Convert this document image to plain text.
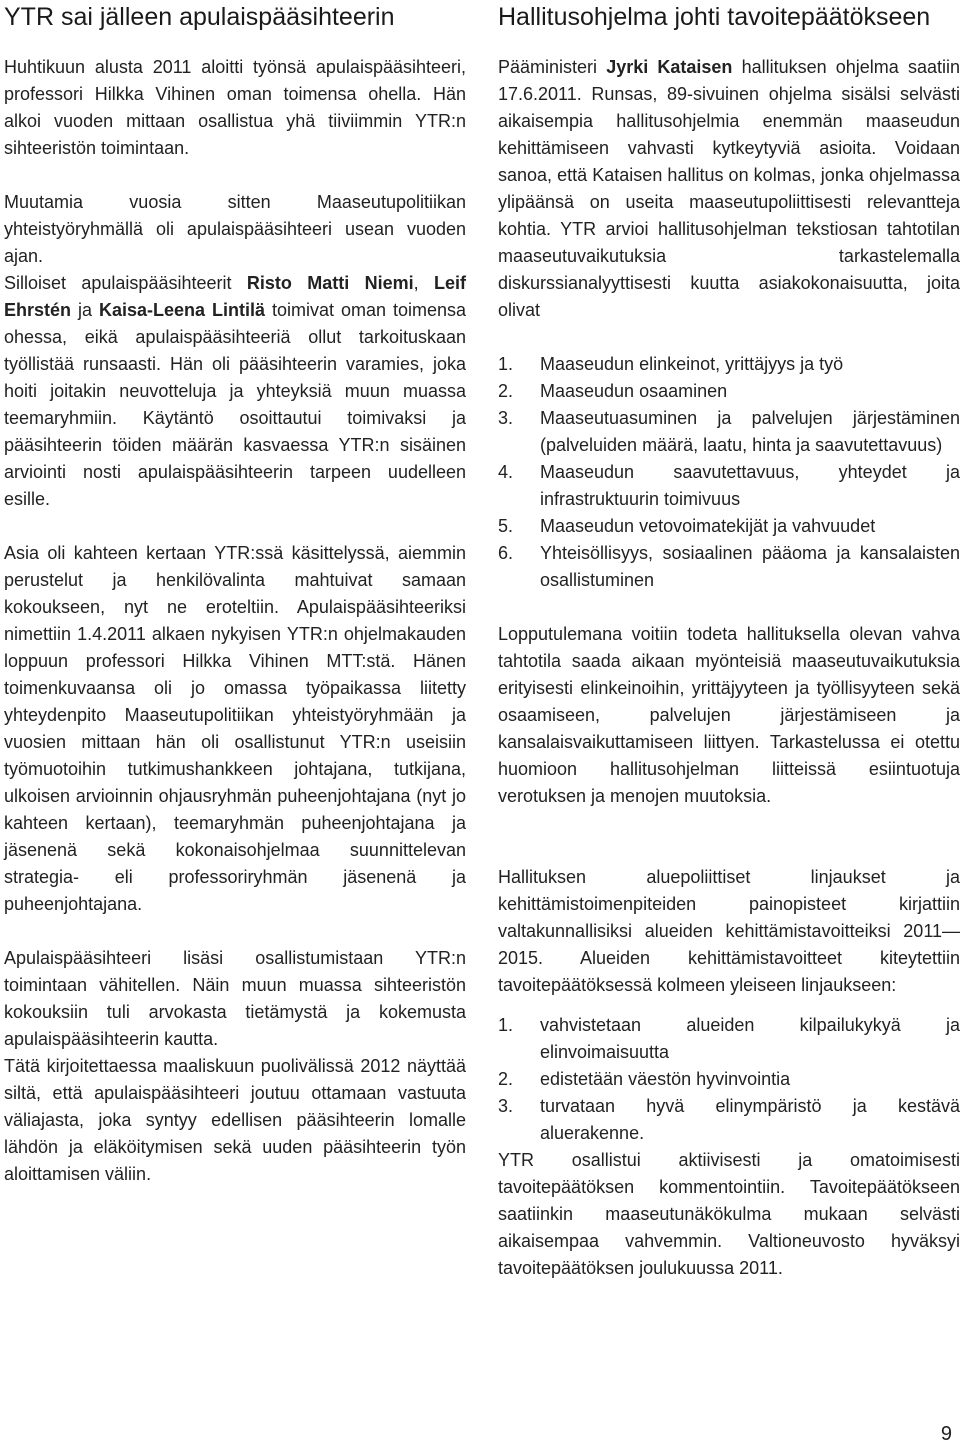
YTR sai jälleen apulaispääsihteerin

Huhtikuun alusta 2011 aloitti työnsä apulaispääsihteeri, professori Hilkka Vihinen oman toimensa ohella. Hän alkoi vuoden mittaan osallistua yhä tiiviimmin YTR:n sihteeristön toimintaan.

Muutamia vuosia sitten Maaseutupolitiikan yhteistyöryhmällä oli apulaispääsihteeri usean vuoden ajan.

Silloiset apulaispääsihteerit Risto Matti Niemi, Leif Ehrstén ja Kaisa-Leena Lintilä toimivat oman toimensa ohessa, eikä apulaispääsihteeriä ollut tarkoituskaan työllistää runsaasti. Hän oli pääsihteerin varamies, joka hoiti joitakin neuvotteluja ja yhteyksiä muun muassa teemaryhmiin. Käytäntö osoittautui toimivaksi ja pääsihteerin töiden määrän kasvaessa YTR:n sisäinen arviointi nosti apulaispääsihteerin tarpeen uudelleen esille.

Asia oli kahteen kertaan YTR:ssä käsittelyssä, aiemmin perustelut ja henkilövalinta mahtuivat samaan kokoukseen, nyt ne eroteltiin. Apulaispääsihteeriksi nimettiin 1.4.2011 alkaen nykyisen YTR:n ohjelmakauden loppuun professori Hilkka Vihinen MTT:stä. Hänen toimenkuvaansa oli jo omassa työpaikassa liitetty yhteydenpito Maaseutupolitiikan yhteistyöryhmään ja vuosien mittaan hän oli osallistunut YTR:n useisiin työmuotoihin tutkimushankkeen johtajana, tutkijana, ulkoisen arvioinnin ohjausryhmän puheenjohtajana (nyt jo kahteen kertaan), teemaryhmän puheenjohtajana ja jäsenenä sekä kokonaisohjelmaa suunnittelevan strategia- eli professoriryhmän jäsenenä ja puheenjohtajana.

Apulaispääsihteeri lisäsi osallistumistaan YTR:n toimintaan vähitellen. Näin muun muassa sihteeristön kokouksiin tuli arvokasta tietämystä ja kokemusta apulaispääsihteerin kautta.

Tätä kirjoitettaessa maaliskuun puolivälissä 2012 näyttää siltä, että apulaispääsihteeri joutuu ottamaan vastuuta väliajasta, joka syntyy edellisen pääsihteerin lomalle lähdön ja eläköitymisen sekä uuden pääsihteerin työn aloittamisen väliin.

Hallitusohjelma johti tavoitepäätökseen

Pääministeri Jyrki Kataisen hallituksen ohjelma saatiin 17.6.2011. Runsas, 89-sivuinen ohjelma sisälsi selvästi aikaisempia hallitusohjelmia enemmän maaseudun kehittämiseen vahvasti kytkeytyviä asioita. Voidaan sanoa, että Kataisen hallitus on kolmas, jonka ohjelmassa ylipäänsä on useita maaseutupoliittisesti relevantteja kohtia. YTR arvioi hallitusohjelman tekstiosan tahtotilan maaseutuvaikutuksia tarkastelemalla diskurssianalyyttisesti kuutta asiakokonaisuutta, joita olivat

1. Maaseudun elinkeinot, yrittäjyys ja työ
2. Maaseudun osaaminen
3. Maaseutuasuminen ja palvelujen järjestäminen (palveluiden määrä, laatu, hinta ja saavutettavuus)
4. Maaseudun saavutettavuus, yhteydet ja infrastruktuurin toimivuus
5. Maaseudun vetovoimatekijät ja vahvuudet
6. Yhteisöllisyys, sosiaalinen pääoma ja kansalaisten osallistuminen

Lopputulemana voitiin todeta hallituksella olevan vahva tahtotila saada aikaan myönteisiä maaseutuvaikutuksia erityisesti elinkeinoihin, yrittäjyyteen ja työllisyyteen sekä osaamiseen, palvelujen järjestämiseen ja kansalaisvaikuttamiseen liittyen. Tarkastelussa ei otettu huomioon hallitusohjelman liitteissä esiintuotuja verotuksen ja menojen muutoksia.

Hallituksen aluepoliittiset linjaukset ja kehittämistoimenpiteiden painopisteet kirjattiin valtakunnallisiksi alueiden kehittämistavoitteiksi 2011—2015. Alueiden kehittämistavoitteet kiteytettiin tavoitepäätöksessä kolmeen yleiseen linjaukseen:

1. vahvistetaan alueiden kilpailukykyä ja elinvoimaisuutta
2. edistetään väestön hyvinvointia
3. turvataan hyvä elinympäristö ja kestävä aluerakenne.

YTR osallistui aktiivisesti ja omatoimisesti tavoitepäätöksen kommentointiin. Tavoitepäätökseen saatiinkin maaseutunäkökulma mukaan selvästi aikaisempaa vahvemmin. Valtioneuvosto hyväksyi tavoitepäätöksen joulukuussa 2011.

9
